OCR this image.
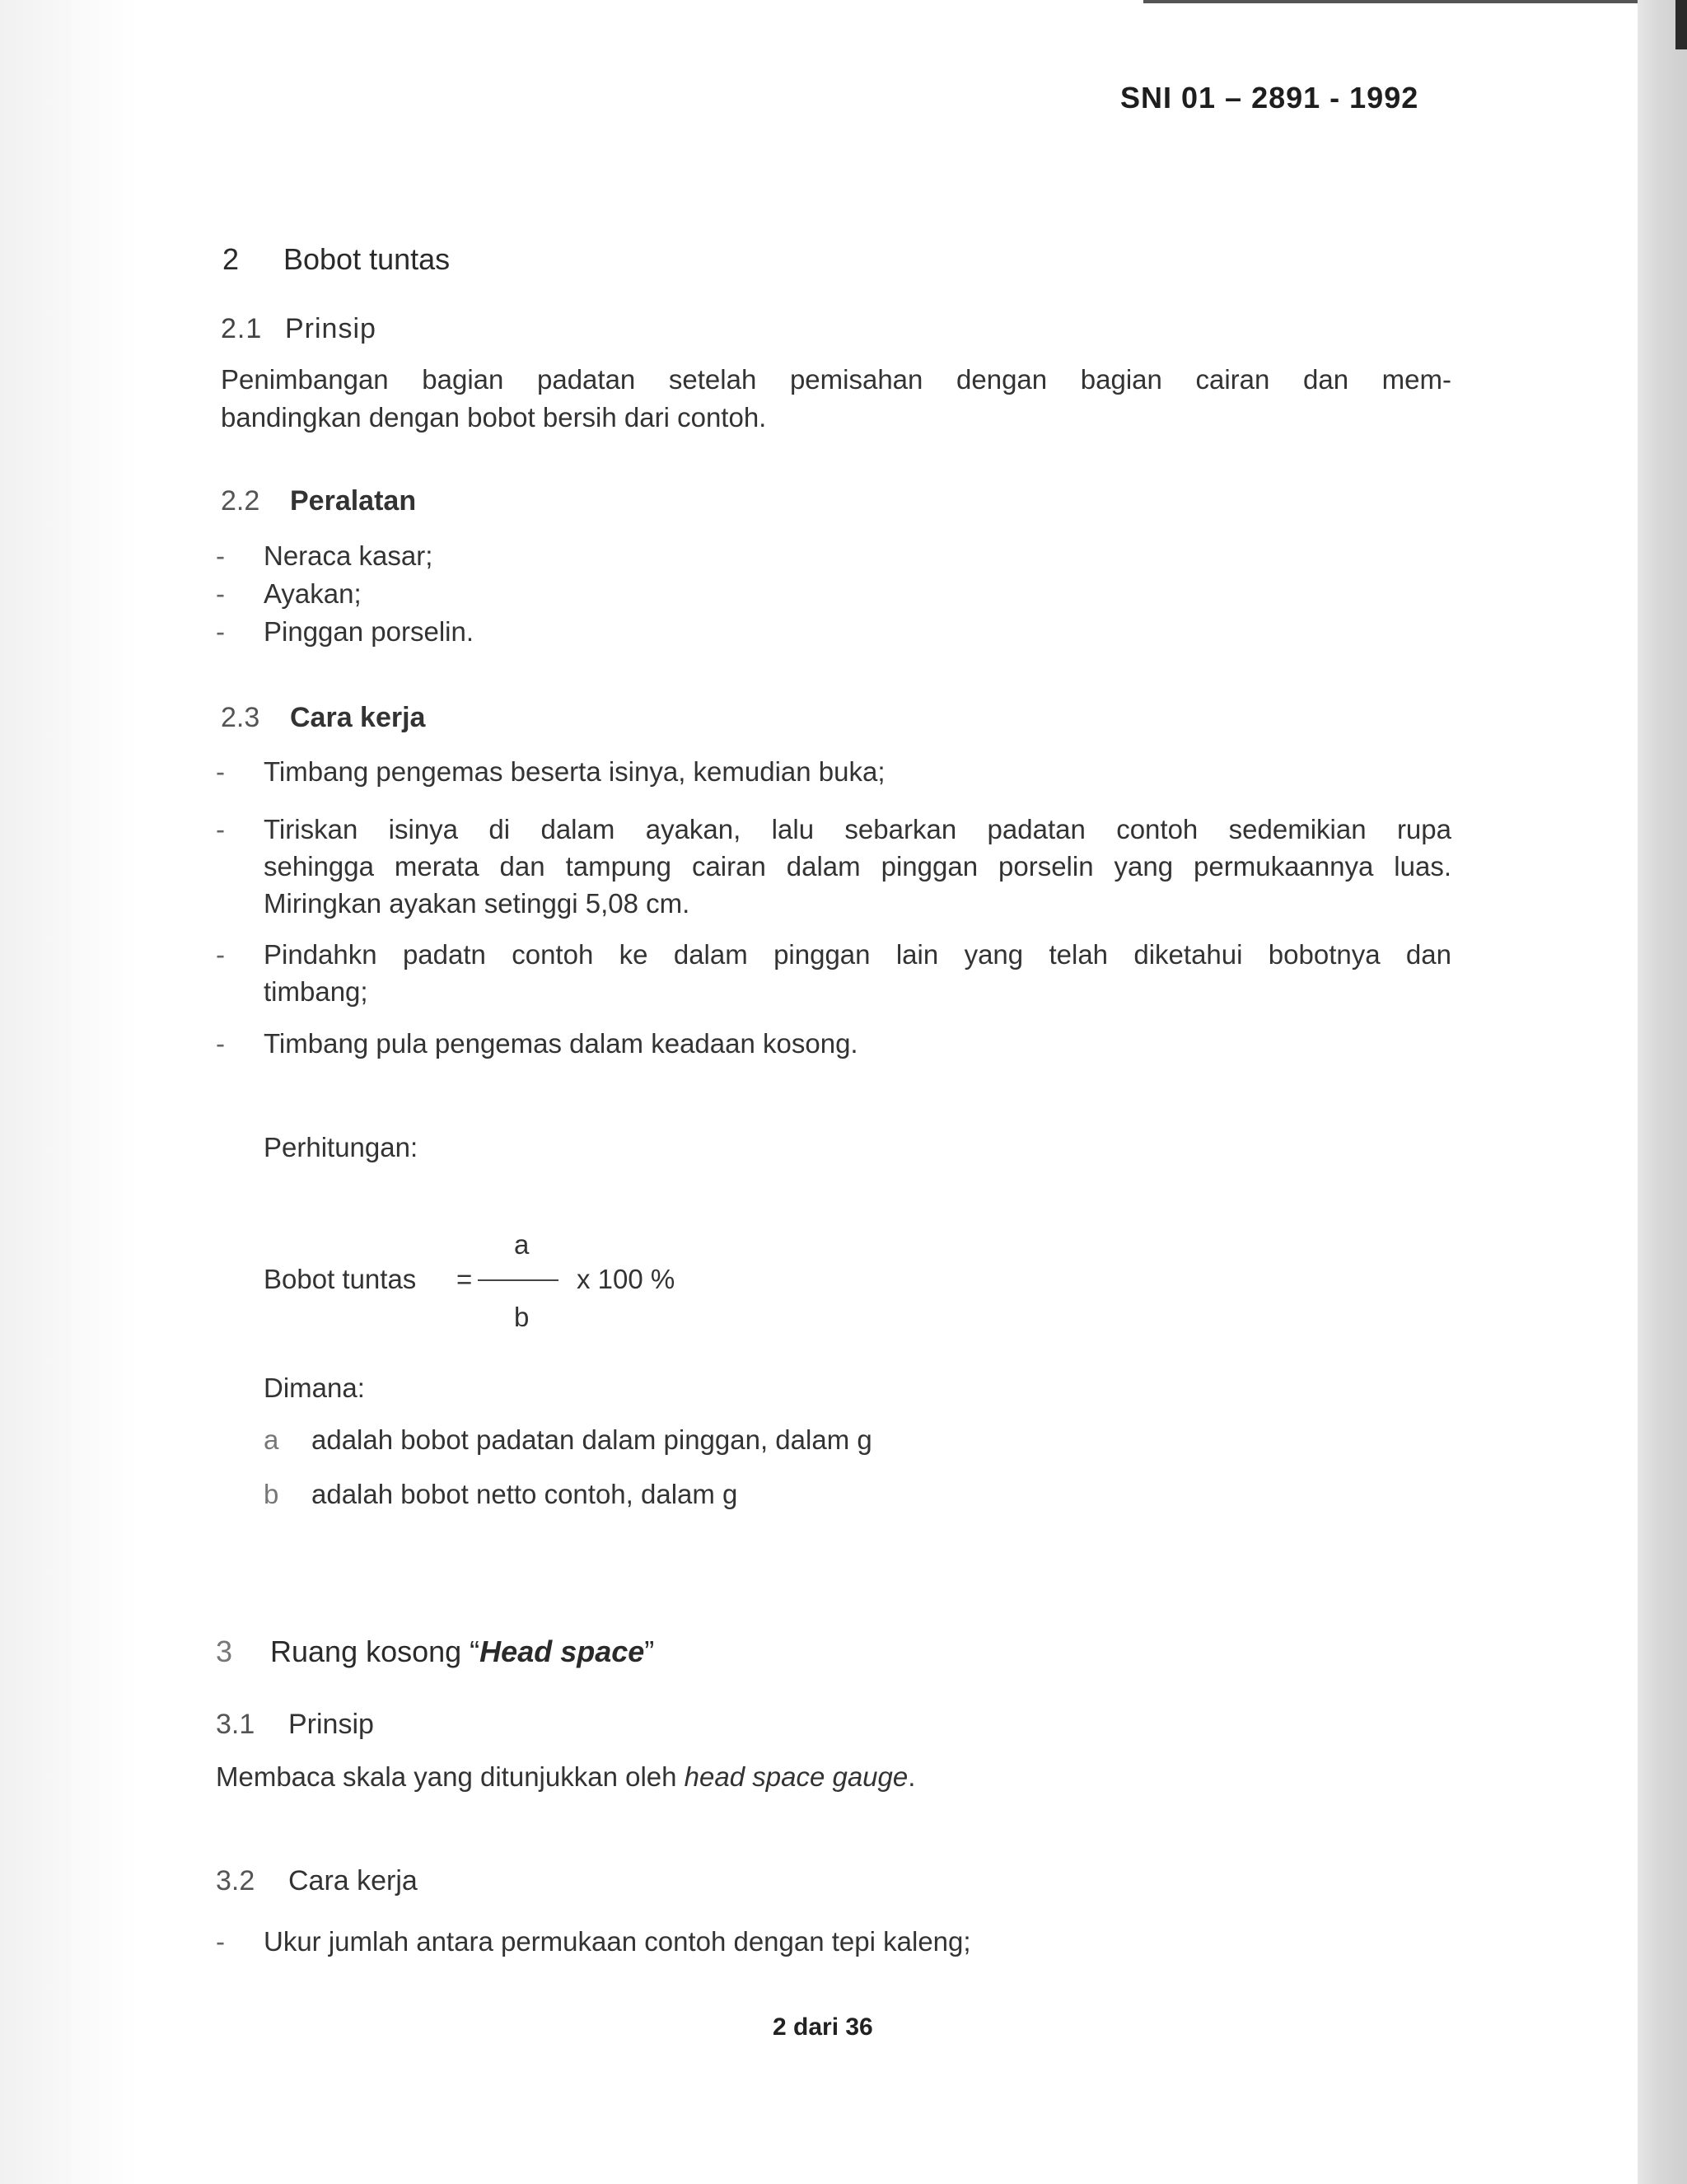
SNI 01 – 2891 - 1992
2 Bobot tuntas
2.1 Prinsip
Penimbangan bagian padatan setelah pemisahan dengan bagian cairan dan mem-
bandingkan dengan bobot bersih dari contoh.
2.2 Peralatan
- Neraca kasar;
- Ayakan;
- Pinggan porselin.
2.3 Cara kerja
- Timbang pengemas beserta isinya, kemudian buka;
- Tiriskan isinya di dalam ayakan, lalu sebarkan padatan contoh sedemikian rupa
sehingga merata dan tampung cairan dalam pinggan porselin yang permukaannya luas.
Miringkan ayakan setinggi 5,08 cm.
- Pindahkn padatn contoh ke dalam pinggan lain yang telah diketahui bobotnya dan
timbang;
- Timbang pula pengemas dalam keadaan kosong.
Perhitungan:
Bobot tuntas =
a
b
x 100 %
Dimana:
a adalah bobot padatan dalam pinggan, dalam g
b adalah bobot netto contoh, dalam g
3 Ruang kosong “Head space”
3.1 Prinsip
Membaca skala yang ditunjukkan oleh head space gauge.
3.2 Cara kerja
- Ukur jumlah antara permukaan contoh dengan tepi kaleng;
2 dari 36
